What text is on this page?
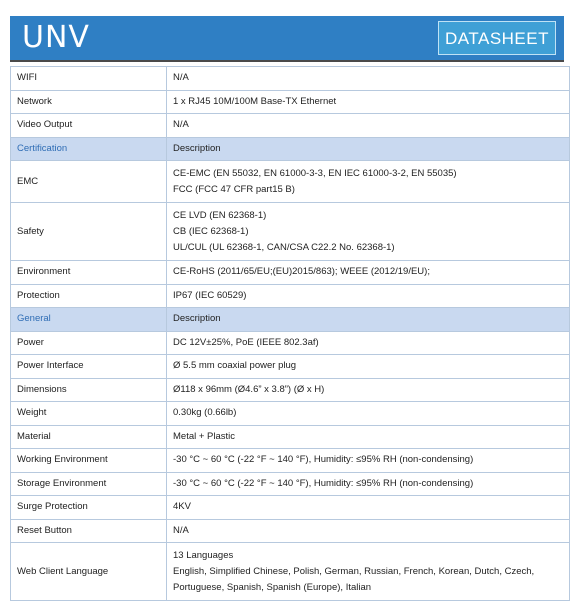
UNV	DATASHEET
WIFI	N/A

Network	1 x RJ45 10M/100M Base-TX Ethernet

Video Output	N/A

Certification	Description

EMC	CE-EMC (EN 55032, EN 61000-3-3, EN IEC 61000-3-2, EN 55035)
FCC (FCC 47 CFR part15 B)

Safety	CE LVD (EN 62368-1)
CB (IEC 62368-1)
UL/CUL (UL 62368-1, CAN/CSA C22.2 No. 62368-1)

Environment	CE-RoHS (2011/65/EU;(EU)2015/863); WEEE (2012/19/EU);

Protection	IP67 (IEC 60529)

General	Description

Power	DC 12V±25%, PoE (IEEE 802.3af)

Power Interface	Ø 5.5 mm coaxial power plug

Dimensions	Ø118 x 96mm (Ø4.6” x 3.8”) (Ø x H)

Weight	0.30kg (0.66lb)

Material	Metal + Plastic

Working Environment	-30 °C ~ 60 °C (-22 °F ~ 140 °F), Humidity: ≤95% RH (non-condensing)

Storage Environment	-30 °C ~ 60 °C (-22 °F ~ 140 °F), Humidity: ≤95% RH (non-condensing)

Surge Protection	4KV

Reset Button	N/A

Web Client Language	13 Languages
English, Simplified Chinese, Polish, German, Russian, French, Korean, Dutch, Czech,
Portuguese, Spanish, Spanish (Europe), Italian
